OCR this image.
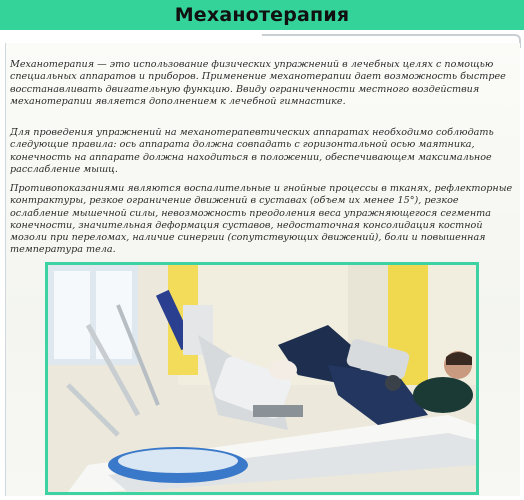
Механотерапия

Механотерапия — это использование физических упражнений в лечебных целях с помощью специальных аппаратов и приборов. Применение механотерапии дает возможность быстрее восстанавливать двигательную функцию. Ввиду ограниченности местного воздействия механотерапии является дополнением к лечебной гимнастике.

Для проведения упражнений на механотерапевтических аппаратах необходимо соблюдать следующие правила: ось аппарата должна совпадать с горизонтальной осью маятника, конечность на аппарате должна находиться в положении, обеспечивающем максимальное расслабление мышц.

Противопоказаниями являются воспалительные и гнойные процессы в тканях, рефлекторные контрактуры, резкое ограничение движений в суставах (объем их менее 15°), резкое ослабление мышечной силы, невозможность преодоления веса упражняющегося сегмента конечности, значительная деформация суставов, недостаточная консолидация костной мозоли при переломах, наличие синергии (сопутствующих движений), боли и повышенная температура тела.
